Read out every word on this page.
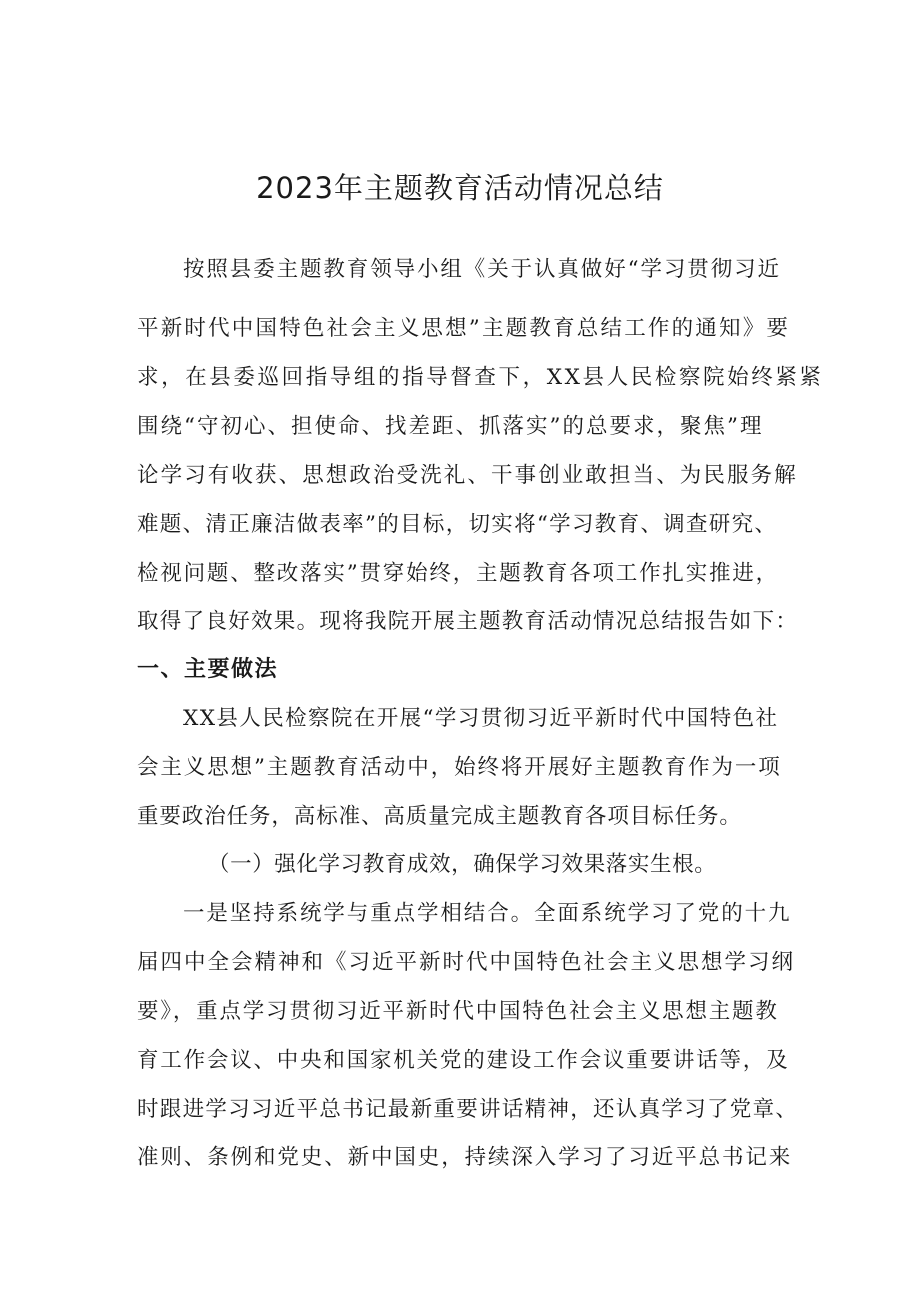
2023年主题教育活动情况总结
按照县委主题教育领导小组《关于认真做好“学习贯彻习近
平新时代中国特色社会主义思想”主题教育总结工作的通知》要
求，在县委巡回指导组的指导督查下，XX县人民检察院始终紧紧
围绕“守初心、担使命、找差距、抓落实”的总要求，聚焦”理
论学习有收获、思想政治受洗礼、干事创业敢担当、为民服务解
难题、清正廉洁做表率”的目标，切实将“学习教育、调查研究、
检视问题、整改落实”贯穿始终，主题教育各项工作扎实推进，
取得了良好效果。现将我院开展主题教育活动情况总结报告如下：
一、主要做法
XX县人民检察院在开展“学习贯彻习近平新时代中国特色社
会主义思想”主题教育活动中，始终将开展好主题教育作为一项
重要政治任务，高标准、高质量完成主题教育各项目标任务。
（一）强化学习教育成效，确保学习效果落实生根。
一是坚持系统学与重点学相结合。全面系统学习了党的十九
届四中全会精神和《习近平新时代中国特色社会主义思想学习纲
要》，重点学习贯彻习近平新时代中国特色社会主义思想主题教
育工作会议、中央和国家机关党的建设工作会议重要讲话等，及
时跟进学习习近平总书记最新重要讲话精神，还认真学习了党章、
准则、条例和党史、新中国史，持续深入学习了习近平总书记来
